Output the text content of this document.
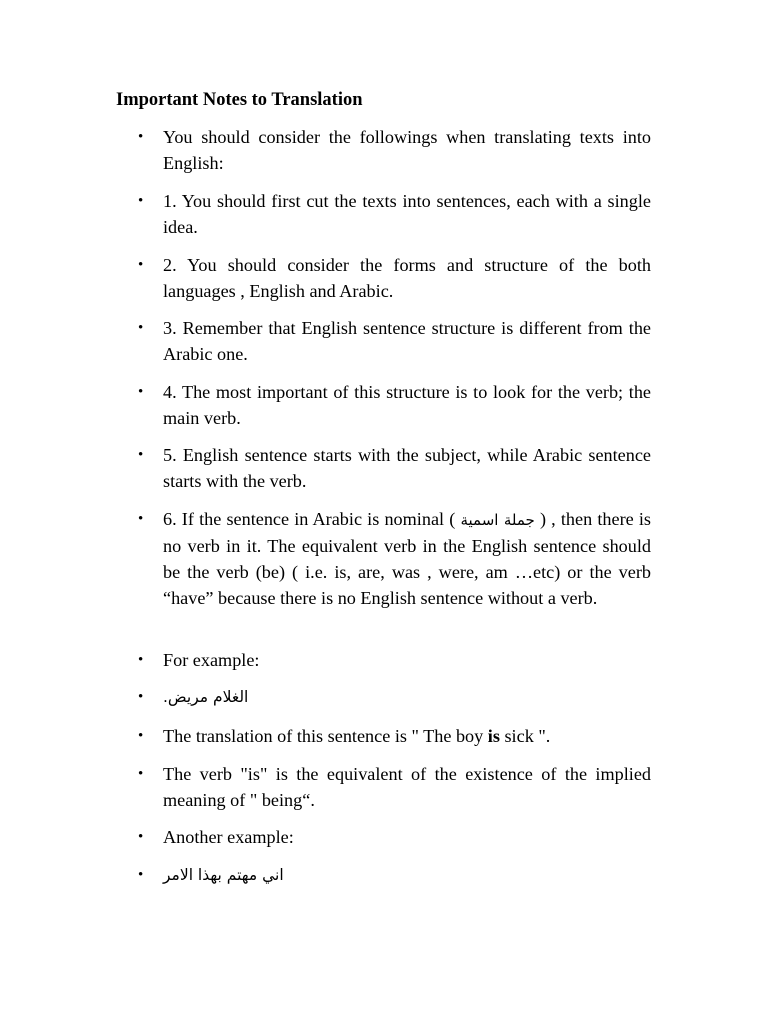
Important Notes to Translation
• You should consider the followings when translating texts into English:
• 1. You should first cut the texts into sentences, each with a single idea.
• 2. You should consider the forms and structure of the both languages , English and Arabic.
• 3. Remember that English sentence structure is different from the Arabic one.
• 4. The most important of this structure is to look for the verb; the main verb.
• 5. English sentence starts with the subject, while Arabic sentence starts with the verb.
• 6. If the sentence in Arabic is nominal ( جملة اسمية ) , then there is no verb in it. The equivalent verb in the English sentence should be the verb (be) ( i.e. is, are, was , were, am …etc) or the verb “have” because there is no English sentence without a verb.
• For example:
• الغلام مريض.
• The translation of this sentence is " The boy is sick ".
• The verb "is" is the equivalent of the existence of the implied meaning of " being“.
• Another example:
• اني مهتم بهذا الامر
